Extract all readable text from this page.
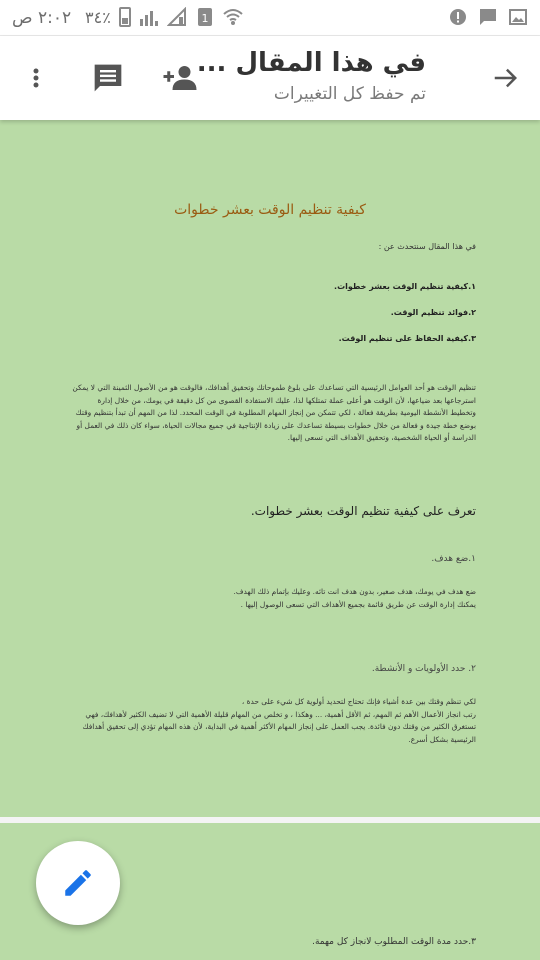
٢:٠٢ ص ٣٤٪	1
في هذا المقال ...
تم حفظ كل التغييرات
كيفية تنظيم الوقت بعشر خطوات
في هذا المقال سنتحدث عن :
١.كيفية تنظيم الوقت بعشر خطوات.
٢.فوائد تنظيم الوقت.
٣.كيفية الحفاظ على تنظيم الوقت.
تنظيم الوقت هو أحد العوامل الرئيسية التي تساعدك على بلوغ طموحاتك وتحقيق أهدافك، فالوقت هو من الأصول الثمينة التي لا يمكن
استرجاعها بعد ضياعها، لأن الوقت هو أعلى عملة تمتلكها لذا، عليك الاستفادة القصوى من كل دقيقة في يومك، من خلال إدارة
وتخطيط الأنشطة اليومية بطريقة فعالة ، لكي تتمكن من إنجاز المهام المطلوبة في الوقت المحدد. لذا من المهم أن تبدأ بتنظيم وقتك
بوضع خطة جيدة و فعالة من خلال خطوات بسيطة تساعدك على زيادة الإنتاجية في جميع مجالات الحياة، سواء كان ذلك في العمل أو
الدراسة أو الحياة الشخصية، وتحقيق الأهداف التي تسعى إليها.
تعرف على كيفية تنظيم الوقت بعشر خطوات.
١.ضع هدف.
ضع هدف في يومك، هدف صغير، بدون هدف انت تائه. وعليك بإتمام ذلك الهدف.
يمكنك إدارة الوقت عن طريق قائمة بجميع الأهداف التي تسعى الوصول إليها .
٢. حدد الأولويات و الأنشطة.
لكي تنظم وقتك بين عدة أشياء فإنك تحتاج لتحديد أولوية كل شيء على حدة ،
رتب انجاز الأعمال الأهم ثم المهم، ثم الأقل أهمية، ... وهكذا ، و تخلص من المهام قليلة الأهمية التي لا تضيف الكثير لأهدافك، فهي
تستغرق الكثير من وقتك دون فائدة. يجب العمل على إنجاز المهام الأكثر أهمية في البداية، لأن هذه المهام تؤدي إلى تحقيق أهدافك
الرئيسية بشكل أسرع.
٣.حدد مدة الوقت المطلوب لانجاز كل مهمة.
